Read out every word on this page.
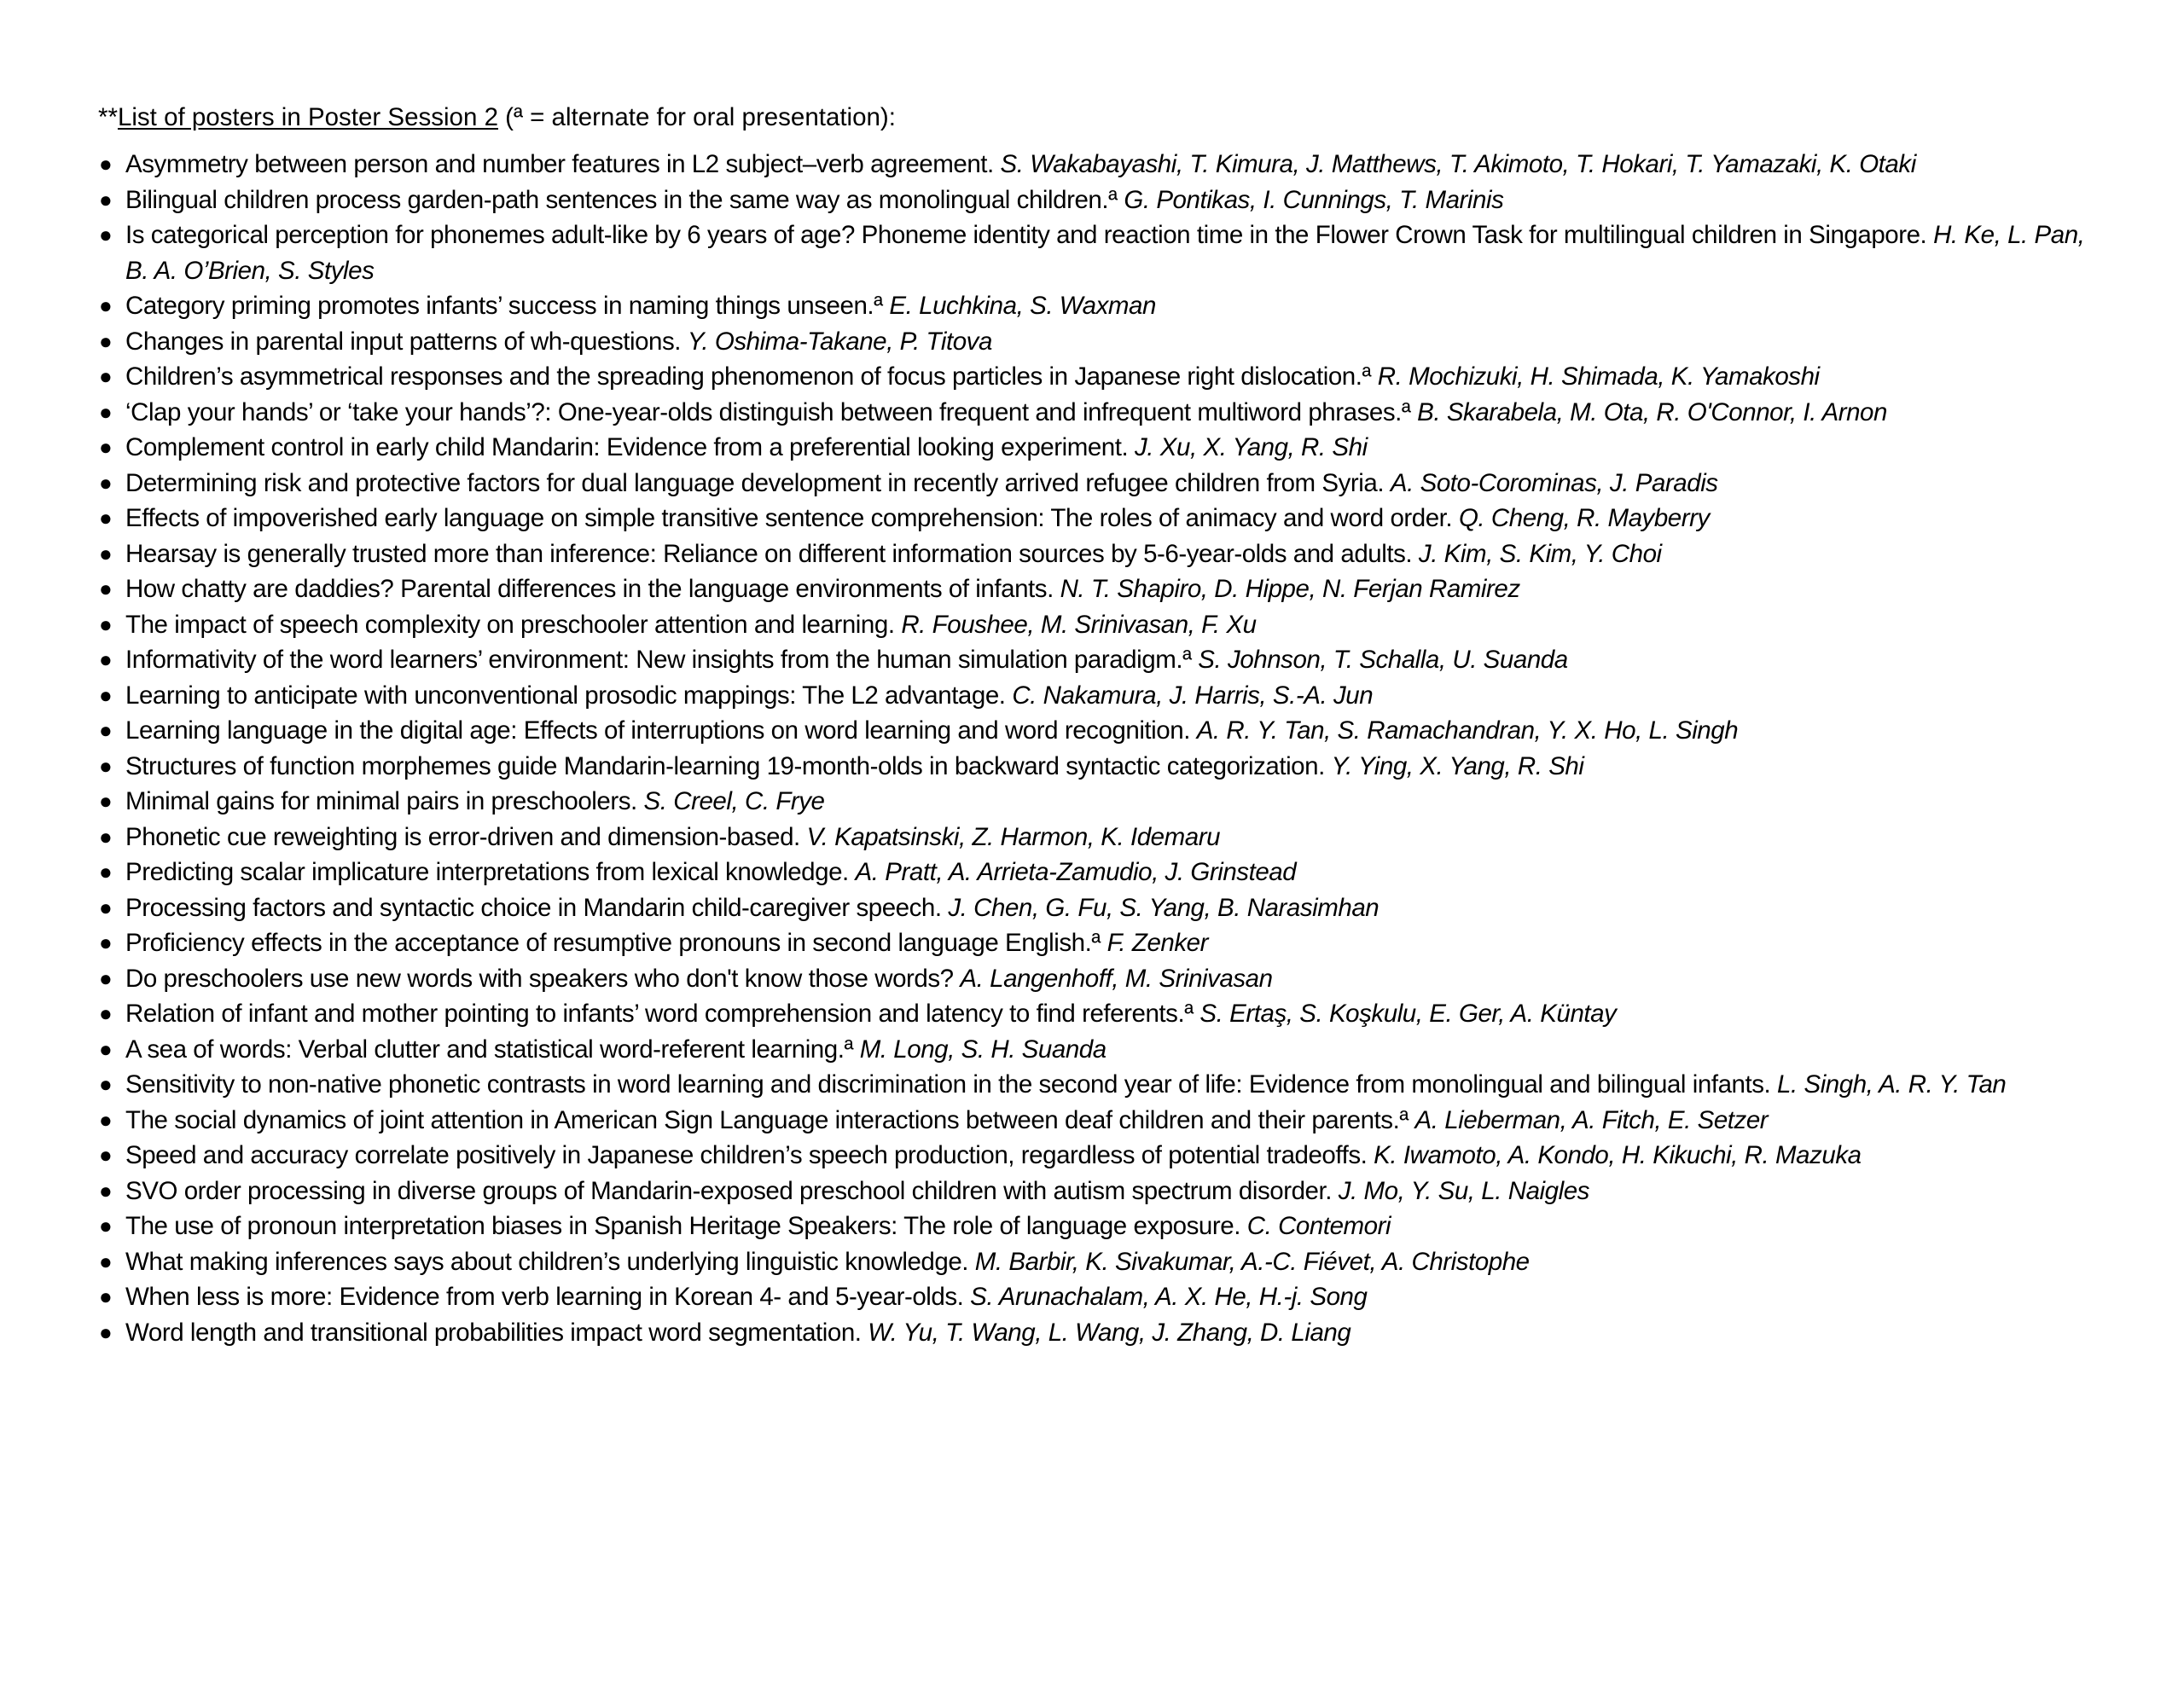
**List of posters in Poster Session 2 (ª = alternate for oral presentation):
● Asymmetry between person and number features in L2 subject–verb agreement. S. Wakabayashi, T. Kimura, J. Matthews, T. Akimoto, T. Hokari, T. Yamazaki, K. Otaki
● Bilingual children process garden-path sentences in the same way as monolingual children.ª G. Pontikas, I. Cunnings, T. Marinis
● Is categorical perception for phonemes adult-like by 6 years of age? Phoneme identity and reaction time in the Flower Crown Task for multilingual children in Singapore. H. Ke, L. Pan, B. A. O’Brien, S. Styles
● Category priming promotes infants’ success in naming things unseen.ª E. Luchkina, S. Waxman
● Changes in parental input patterns of wh-questions. Y. Oshima-Takane, P. Titova
● Children’s asymmetrical responses and the spreading phenomenon of focus particles in Japanese right dislocation.ª R. Mochizuki, H. Shimada, K. Yamakoshi
● ‘Clap your hands’ or ‘take your hands’?: One-year-olds distinguish between frequent and infrequent multiword phrases.ª B. Skarabela, M. Ota, R. O'Connor, I. Arnon
● Complement control in early child Mandarin: Evidence from a preferential looking experiment. J. Xu, X. Yang, R. Shi
● Determining risk and protective factors for dual language development in recently arrived refugee children from Syria. A. Soto-Corominas, J. Paradis
● Effects of impoverished early language on simple transitive sentence comprehension: The roles of animacy and word order. Q. Cheng, R. Mayberry
● Hearsay is generally trusted more than inference: Reliance on different information sources by 5-6-year-olds and adults. J. Kim, S. Kim, Y. Choi
● How chatty are daddies? Parental differences in the language environments of infants. N. T. Shapiro, D. Hippe, N. Ferjan Ramirez
● The impact of speech complexity on preschooler attention and learning. R. Foushee, M. Srinivasan, F. Xu
● Informativity of the word learners’ environment: New insights from the human simulation paradigm.ª S. Johnson, T. Schalla, U. Suanda
● Learning to anticipate with unconventional prosodic mappings: The L2 advantage. C. Nakamura, J. Harris, S.-A. Jun
● Learning language in the digital age: Effects of interruptions on word learning and word recognition. A. R. Y. Tan, S. Ramachandran, Y. X. Ho, L. Singh
● Structures of function morphemes guide Mandarin-learning 19-month-olds in backward syntactic categorization. Y. Ying, X. Yang, R. Shi
● Minimal gains for minimal pairs in preschoolers. S. Creel, C. Frye
● Phonetic cue reweighting is error-driven and dimension-based. V. Kapatsinski, Z. Harmon, K. Idemaru
● Predicting scalar implicature interpretations from lexical knowledge. A. Pratt, A. Arrieta-Zamudio, J. Grinstead
● Processing factors and syntactic choice in Mandarin child-caregiver speech. J. Chen, G. Fu, S. Yang, B. Narasimhan
● Proficiency effects in the acceptance of resumptive pronouns in second language English.ª F. Zenker
● Do preschoolers use new words with speakers who don't know those words? A. Langenhoff, M. Srinivasan
● Relation of infant and mother pointing to infants’ word comprehension and latency to find referents.ª S. Ertaş, S. Koşkulu, E. Ger, A. Küntay
● A sea of words: Verbal clutter and statistical word-referent learning.ª M. Long, S. H. Suanda
● Sensitivity to non-native phonetic contrasts in word learning and discrimination in the second year of life: Evidence from monolingual and bilingual infants. L. Singh, A. R. Y. Tan
● The social dynamics of joint attention in American Sign Language interactions between deaf children and their parents.ª A. Lieberman, A. Fitch, E. Setzer
● Speed and accuracy correlate positively in Japanese children’s speech production, regardless of potential tradeoffs. K. Iwamoto, A. Kondo, H. Kikuchi, R. Mazuka
● SVO order processing in diverse groups of Mandarin-exposed preschool children with autism spectrum disorder. J. Mo, Y. Su, L. Naigles
● The use of pronoun interpretation biases in Spanish Heritage Speakers: The role of language exposure. C. Contemori
● What making inferences says about children’s underlying linguistic knowledge. M. Barbir, K. Sivakumar, A.-C. Fiévet, A. Christophe
● When less is more: Evidence from verb learning in Korean 4- and 5-year-olds. S. Arunachalam, A. X. He, H.-j. Song
● Word length and transitional probabilities impact word segmentation. W. Yu, T. Wang, L. Wang, J. Zhang, D. Liang
